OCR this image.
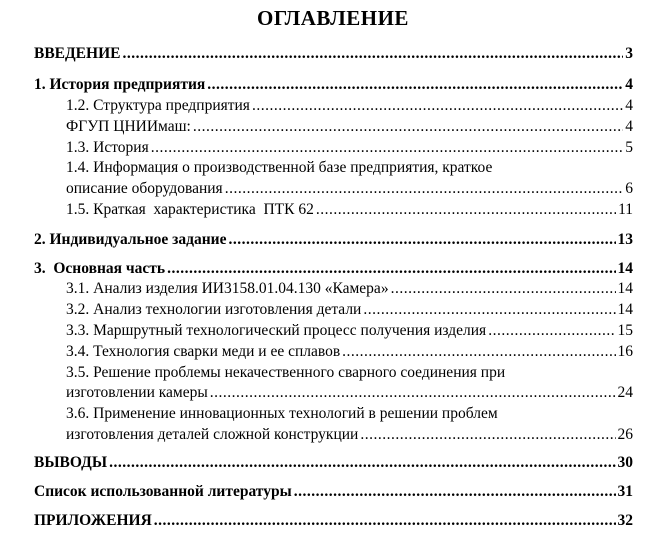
ОГЛАВЛЕНИЕ
ВВЕДЕНИЕ .....	3
1. История предприятия .....	4
1.2. Структура предприятия .....	4
ФГУП ЦНИИмаш: .....	4
1.3. История .....	5
1.4. Информация о производственной базе предприятия, краткое
описание оборудования .....	6
1.5. Краткая  характеристика  ПТК 62 .....	11
2. Индивидуальное задание .....	13
3.  Основная часть .....	14
3.1. Анализ изделия ИИ3158.01.04.130 «Камера» .....	14
3.2. Анализ технологии изготовления детали .....	14
3.3. Маршрутный технологический процесс получения изделия .....	15
3.4. Технология сварки меди и ее сплавов .....	16
3.5. Решение проблемы некачественного сварного соединения при
изготовлении камеры .....	24
3.6. Применение инновационных технологий в решении проблем
изготовления деталей сложной конструкции .....	26
ВЫВОДЫ .....	30
Список использованной литературы .....	31
ПРИЛОЖЕНИЯ .....	32
